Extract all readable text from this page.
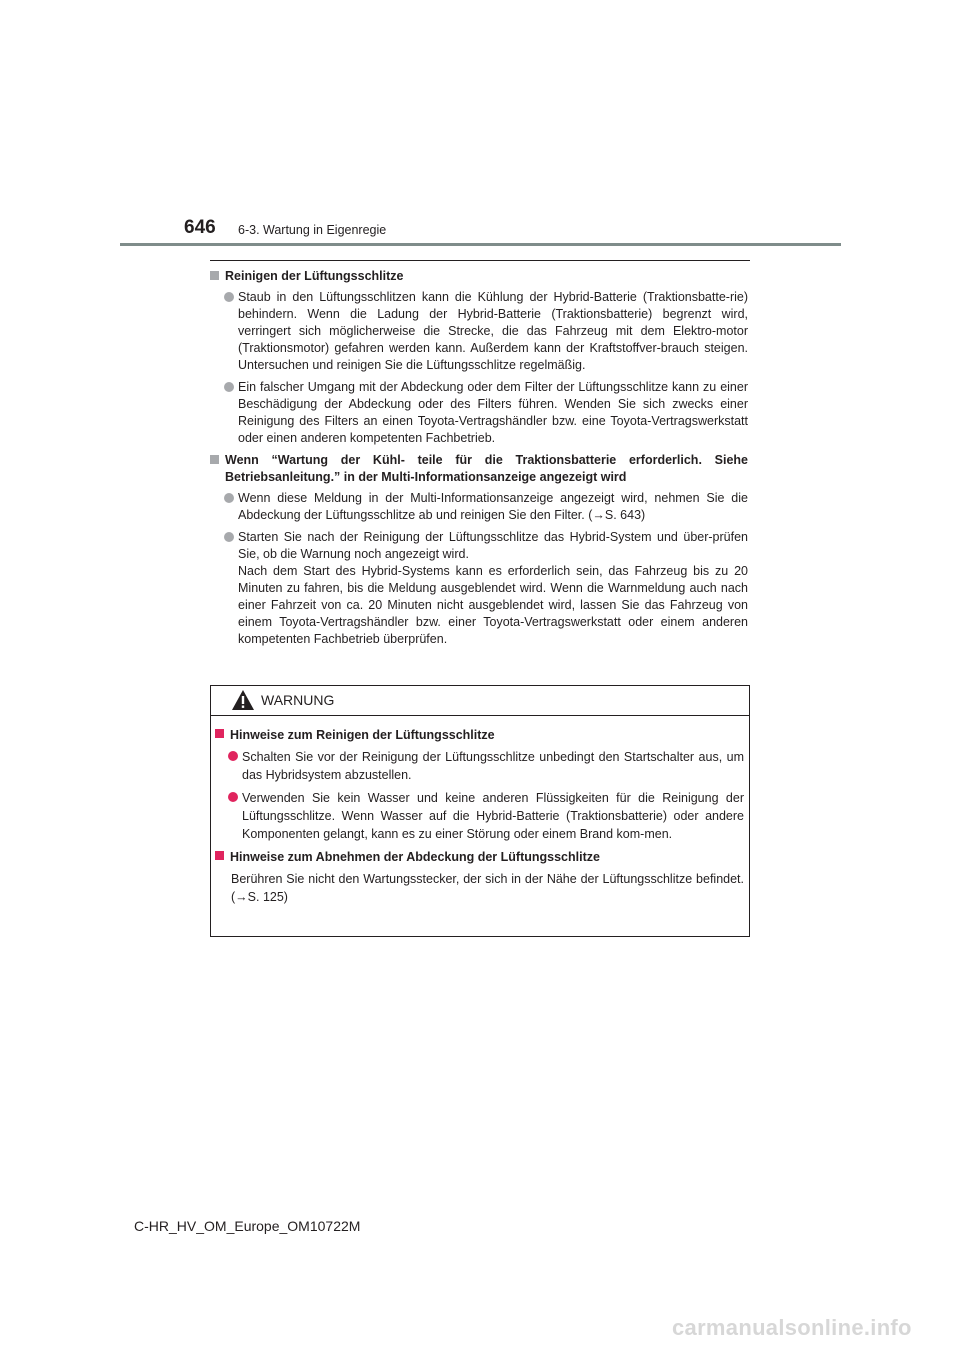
646 6-3. Wartung in Eigenregie
Reinigen der Lüftungsschlitze
Staub in den Lüftungsschlitzen kann die Kühlung der Hybrid-Batterie (Traktionsbatte-rie) behindern. Wenn die Ladung der Hybrid-Batterie (Traktionsbatterie) begrenzt wird, verringert sich möglicherweise die Strecke, die das Fahrzeug mit dem Elektro-motor (Traktionsmotor) gefahren werden kann. Außerdem kann der Kraftstoffver-brauch steigen. Untersuchen und reinigen Sie die Lüftungsschlitze regelmäßig.
Ein falscher Umgang mit der Abdeckung oder dem Filter der Lüftungsschlitze kann zu einer Beschädigung der Abdeckung oder des Filters führen. Wenden Sie sich zwecks einer Reinigung des Filters an einen Toyota-Vertragshändler bzw. eine Toyota-Vertragswerkstatt oder einen anderen kompetenten Fachbetrieb.
Wenn “Wartung der Kühl- teile für die Traktionsbatterie erforderlich. Siehe Betriebsanleitung.” in der Multi-Informationsanzeige angezeigt wird
Wenn diese Meldung in der Multi-Informationsanzeige angezeigt wird, nehmen Sie die Abdeckung der Lüftungsschlitze ab und reinigen Sie den Filter. (→S. 643)
Starten Sie nach der Reinigung der Lüftungsschlitze das Hybrid-System und über-prüfen Sie, ob die Warnung noch angezeigt wird.
Nach dem Start des Hybrid-Systems kann es erforderlich sein, das Fahrzeug bis zu 20 Minuten zu fahren, bis die Meldung ausgeblendet wird. Wenn die Warnmeldung auch nach einer Fahrzeit von ca. 20 Minuten nicht ausgeblendet wird, lassen Sie das Fahrzeug von einem Toyota-Vertragshändler bzw. einer Toyota-Vertragswerkstatt oder einem anderen kompetenten Fachbetrieb überprüfen.
WARNUNG
Hinweise zum Reinigen der Lüftungsschlitze
Schalten Sie vor der Reinigung der Lüftungsschlitze unbedingt den Startschalter aus, um das Hybridsystem abzustellen.
Verwenden Sie kein Wasser und keine anderen Flüssigkeiten für die Reinigung der Lüftungsschlitze. Wenn Wasser auf die Hybrid-Batterie (Traktionsbatterie) oder andere Komponenten gelangt, kann es zu einer Störung oder einem Brand kom-men.
Hinweise zum Abnehmen der Abdeckung der Lüftungsschlitze
Berühren Sie nicht den Wartungsstecker, der sich in der Nähe der Lüftungsschlitze befindet. (→S. 125)
C-HR_HV_OM_Europe_OM10722M
carmanualsonline.info
